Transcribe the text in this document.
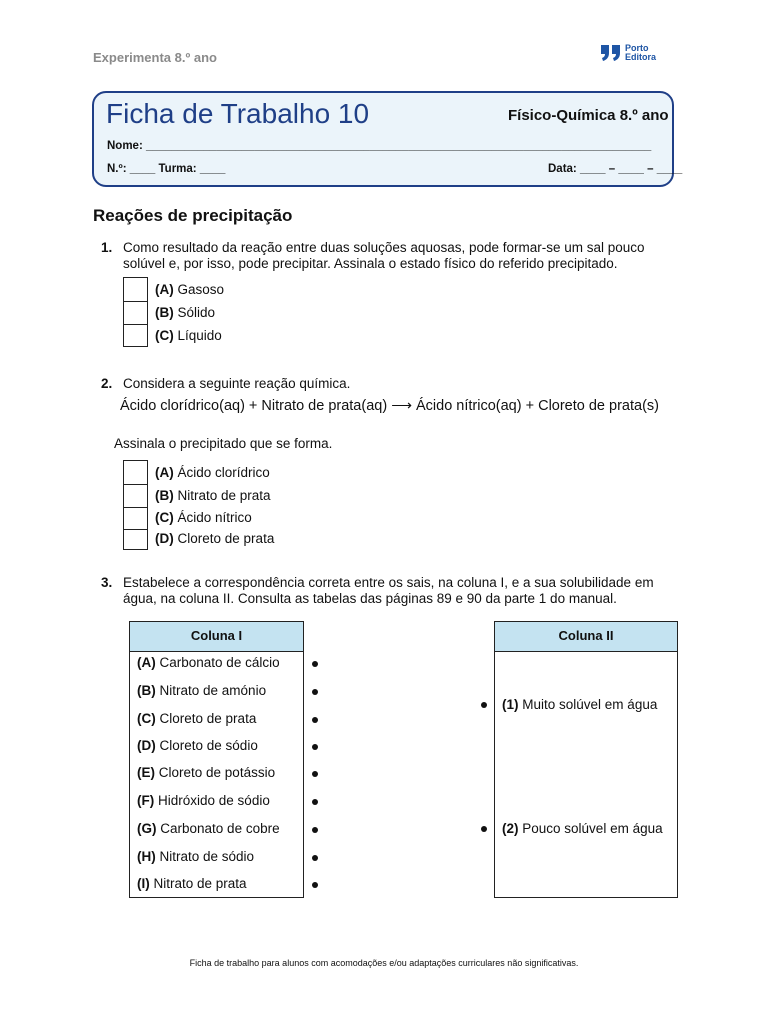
Experimenta 8.º ano
Porto
Editora
Ficha de Trabalho 10	Físico-Química 8.º ano
Nome: _______________________________________________________________________________
N.º: ____ Turma: ____	Data: ____ – ____ – ____
Reações de precipitação
1. Como resultado da reação entre duas soluções aquosas, pode formar-se um sal pouco solúvel e, por isso, pode precipitar. Assinala o estado físico do referido precipitado.
(A) Gasoso
(B) Sólido
(C) Líquido
2. Considera a seguinte reação química.
Ácido clorídrico(aq) + Nitrato de prata(aq) ⟶ Ácido nítrico(aq) + Cloreto de prata(s)
Assinala o precipitado que se forma.
(A) Ácido clorídrico
(B) Nitrato de prata
(C) Ácido nítrico
(D) Cloreto de prata
3. Estabelece a correspondência correta entre os sais, na coluna I, e a sua solubilidade em água, na coluna II. Consulta as tabelas das páginas 89 e 90 da parte 1 do manual.
Coluna I
(A) Carbonato de cálcio
(B) Nitrato de amónio
(C) Cloreto de prata
(D) Cloreto de sódio
(E) Cloreto de potássio
(F) Hidróxido de sódio
(G) Carbonato de cobre
(H) Nitrato de sódio
(I) Nitrato de prata
Coluna II
(1) Muito solúvel em água
(2) Pouco solúvel em água
Ficha de trabalho para alunos com acomodações e/ou adaptações curriculares não significativas.
